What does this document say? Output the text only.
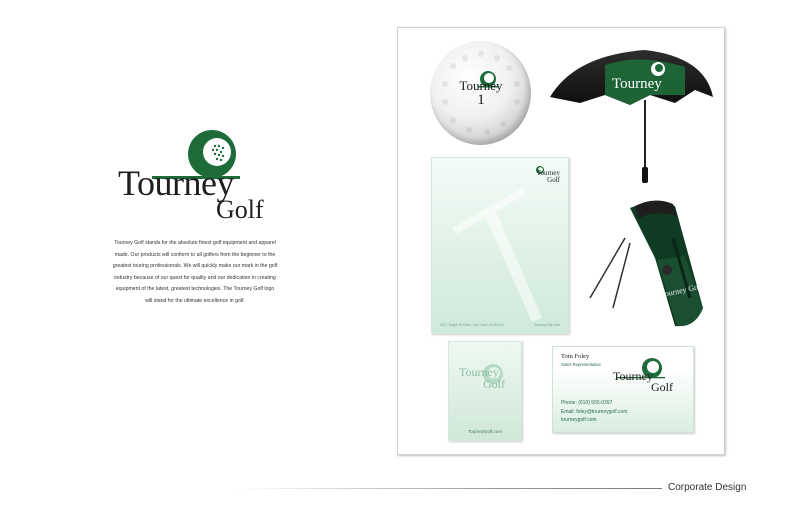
Tourney
Golf
Tourney Golf stands for the absolute finest golf equipment and apparel made. Our products will conform to all golfers from the beginner to the greatest touring professionals. We will quickly make our mark in the golf industry because of our quest for quality and our dedication in creating equipment of the latest, greatest technologies. The Tourney Golf logo will stand for the ultimate excellence in golf.
Tourney
1
Tourney
Tourney
Golf
2317 Eagle St Drive, San Jose CA 95120	TourneyGolf.com
Tourney Golf
Tourney
Golf
TourneyGolf.com
Tom Foley
Sales Representative
Tourney
Golf
Phone: (610) 555-0397
Email: foley@tourneygolf.com
tourneygolf.com
Corporate Design
